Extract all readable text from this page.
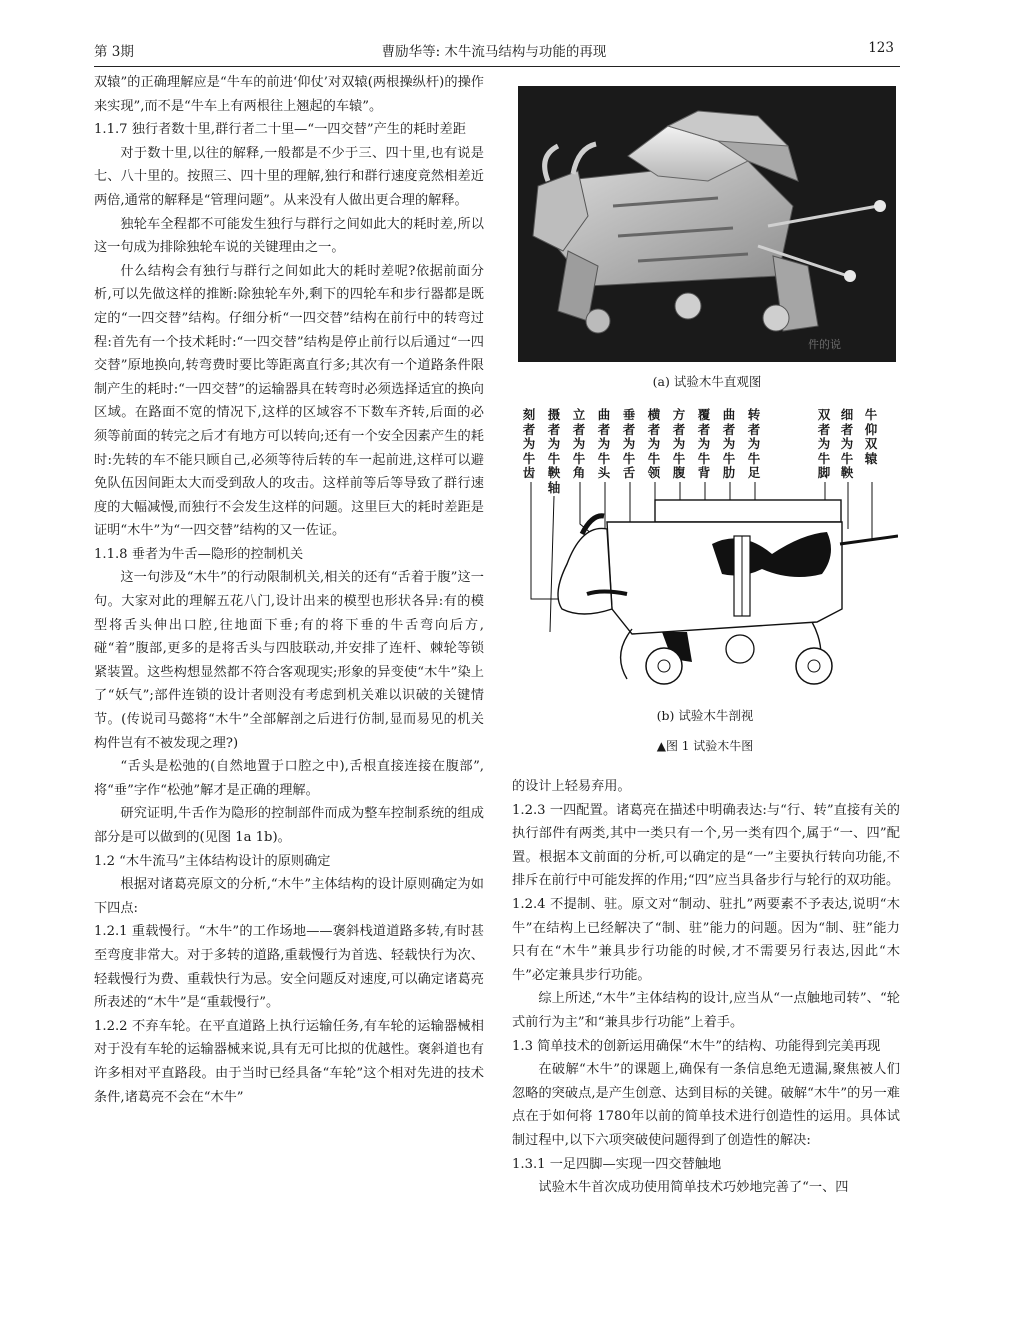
第 3期	曹励华等: 木牛流马结构与功能的再现	123

双辕”的正确理解应是“牛车的前进‘仰仗’对双辕(两根操纵杆)的操作来实现”,而不是“牛车上有两根往上翘起的车辕”。

1.1.7 独行者数十里,群行者二十里—“一四交替”产生的耗时差距

对于数十里,以往的解释,一般都是不少于三、四十里,也有说是七、八十里的。按照三、四十里的理解,独行和群行速度竟然相差近两倍,通常的解释是“管理问题”。从来没有人做出更合理的解释。

独轮车全程都不可能发生独行与群行之间如此大的耗时差,所以这一句成为排除独轮车说的关键理由之一。

什么结构会有独行与群行之间如此大的耗时差呢?依据前面分析,可以先做这样的推断:除独轮车外,剩下的四轮车和步行器都是既定的“一四交替”结构。仔细分析“一四交替”结构在前行中的转弯过程:首先有一个技术耗时:“一四交替”结构是停止前行以后通过“一四交替”原地换向,转弯费时要比等距离直行多;其次有一个道路条件限制产生的耗时:“一四交替”的运输器具在转弯时必须选择适宜的换向区域。在路面不宽的情况下,这样的区域容不下数车齐转,后面的必须等前面的转完之后才有地方可以转向;还有一个安全因素产生的耗时:先转的车不能只顾自己,必须等待后转的车一起前进,这样可以避免队伍因间距太大而受到敌人的攻击。这样前等后等导致了群行速度的大幅减慢,而独行不会发生这样的问题。这里巨大的耗时差距是证明“木牛”为“一四交替”结构的又一佐证。

1.1.8 垂者为牛舌—隐形的控制机关

这一句涉及“木牛”的行动限制机关,相关的还有“舌着于腹”这一句。大家对此的理解五花八门,设计出来的模型也形状各异:有的模型将舌头伸出口腔,往地面下垂;有的将下垂的牛舌弯向后方,碰“着”腹部,更多的是将舌头与四肢联动,并安排了连杆、棘轮等锁紧装置。这些构想显然都不符合客观现实;形象的异变使“木牛”染上了“妖气”;部件连锁的设计者则没有考虑到机关难以识破的关键情节。(传说司马懿将“木牛”全部解剖之后进行仿制,显而易见的机关构件岂有不被发现之理?)

“舌头是松弛的(自然地置于口腔之中),舌根直接连接在腹部”,将“垂”字作“松弛”解才是正确的理解。

研究证明,牛舌作为隐形的控制部件而成为整车控制系统的组成部分是可以做到的(见图 1a 1b)。

1.2 “木牛流马”主体结构设计的原则确定

根据对诸葛亮原文的分析,“木牛”主体结构的设计原则确定为如下四点:

1.2.1 重载慢行。“木牛”的工作场地——褒斜栈道道路多转,有时甚至弯度非常大。对于多转的道路,重载慢行为首选、轻载快行为次、轻载慢行为费、重载快行为忌。安全问题反对速度,可以确定诸葛亮所表述的“木牛”是“重载慢行”。

1.2.2 不弃车轮。在平直道路上执行运输任务,有车轮的运输器械相对于没有车轮的运输器械来说,具有无可比拟的优越性。褒斜道也有许多相对平直路段。由于当时已经具备“车轮”这个相对先进的技术条件,诸葛亮不会在“木牛”

件的说
(a) 试验木牛直观图
刻者为牛齿
摄者为牛鞅轴
立者为牛角
曲者为牛头
垂者为牛舌
横者为牛领
方者为牛腹
覆者为牛背
曲者为牛肋
转者为牛足
双者为牛脚
细者为牛鞅
牛仰双辕
(b) 试验木牛剖视
▲图 1 试验木牛图

的设计上轻易弃用。

1.2.3 一四配置。诸葛亮在描述中明确表达:与“行、转”直接有关的执行部件有两类,其中一类只有一个,另一类有四个,属于“一、四”配置。根据本文前面的分析,可以确定的是“一”主要执行转向功能,不排斥在前行中可能发挥的作用;“四”应当具备步行与轮行的双功能。

1.2.4 不提制、驻。原文对“制动、驻扎”两要素不予表达,说明“木牛”在结构上已经解决了“制、驻”能力的问题。因为“制、驻”能力只有在“木牛”兼具步行功能的时候,才不需要另行表达,因此“木牛”必定兼具步行功能。

综上所述,“木牛”主体结构的设计,应当从“一点触地司转”、“轮式前行为主”和“兼具步行功能”上着手。

1.3 简单技术的创新运用确保“木牛”的结构、功能得到完美再现

在破解“木牛”的课题上,确保有一条信息绝无遗漏,聚焦被人们忽略的突破点,是产生创意、达到目标的关键。破解“木牛”的另一难点在于如何将 1780年以前的简单技术进行创造性的运用。具体试制过程中,以下六项突破使问题得到了创造性的解决:

1.3.1 一足四脚—实现一四交替触地

试验木牛首次成功使用简单技术巧妙地完善了“一、四
